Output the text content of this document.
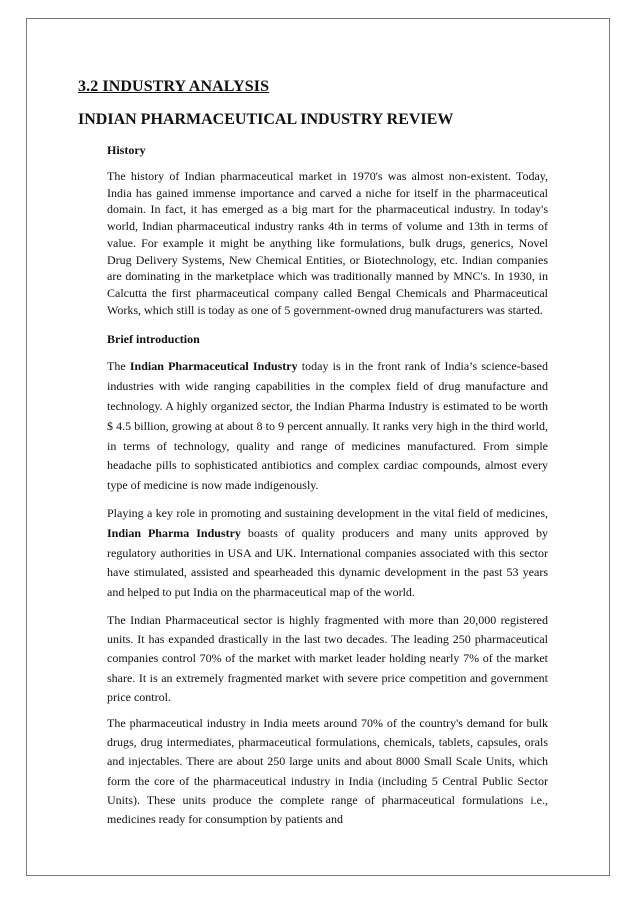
3.2 INDUSTRY ANALYSIS
INDIAN PHARMACEUTICAL INDUSTRY REVIEW
History

The history of Indian pharmaceutical market in 1970's was almost non-existent. Today, India has gained immense importance and carved a niche for itself in the pharmaceutical domain. In fact, it has emerged as a big mart for the pharmaceutical industry. In today's world, Indian pharmaceutical industry ranks 4th in terms of volume and 13th in terms of value. For example it might be anything like formulations, bulk drugs, generics, Novel Drug Delivery Systems, New Chemical Entities, or Biotechnology, etc. Indian companies are dominating in the marketplace which was traditionally manned by MNC's. In 1930, in Calcutta the first pharmaceutical company called Bengal Chemicals and Pharmaceutical Works, which still is today as one of 5 government-owned drug manufacturers was started.

Brief introduction

The Indian Pharmaceutical Industry today is in the front rank of India’s science-based industries with wide ranging capabilities in the complex field of drug manufacture and technology. A highly organized sector, the Indian Pharma Industry is estimated to be worth $ 4.5 billion, growing at about 8 to 9 percent annually. It ranks very high in the third world, in terms of technology, quality and range of medicines manufactured. From simple headache pills to sophisticated antibiotics and complex cardiac compounds, almost every type of medicine is now made indigenously.

Playing a key role in promoting and sustaining development in the vital field of medicines, Indian Pharma Industry boasts of quality producers and many units approved by regulatory authorities in USA and UK. International companies associated with this sector have stimulated, assisted and spearheaded this dynamic development in the past 53 years and helped to put India on the pharmaceutical map of the world.

The Indian Pharmaceutical sector is highly fragmented with more than 20,000 registered units. It has expanded drastically in the last two decades. The leading 250 pharmaceutical companies control 70% of the market with market leader holding nearly 7% of the market share. It is an extremely fragmented market with severe price competition and government price control.

The pharmaceutical industry in India meets around 70% of the country's demand for bulk drugs, drug intermediates, pharmaceutical formulations, chemicals, tablets, capsules, orals and injectables. There are about 250 large units and about 8000 Small Scale Units, which form the core of the pharmaceutical industry in India (including 5 Central Public Sector Units). These units produce the complete range of pharmaceutical formulations i.e., medicines ready for consumption by patients and
